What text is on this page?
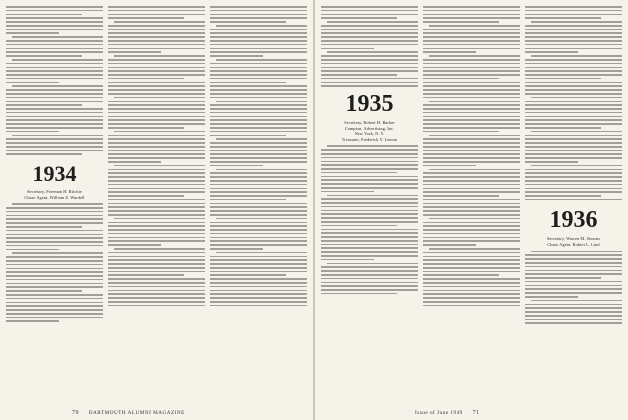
1934
Secretary, Freeman H. Ritchie
Chase Agent, William Z. Wardell
70 DARTMOUTH ALUMNI MAGAZINE
1935
Secretary, Robert H. Barker
Compton, Advertising, Inc.
New York, N. Y.
Treasurer, Frederick V. Lemon
1936
Secretary, Warren M. Stearns
Chase Agent, Robert L. Lind
Issue of June 1949 71
